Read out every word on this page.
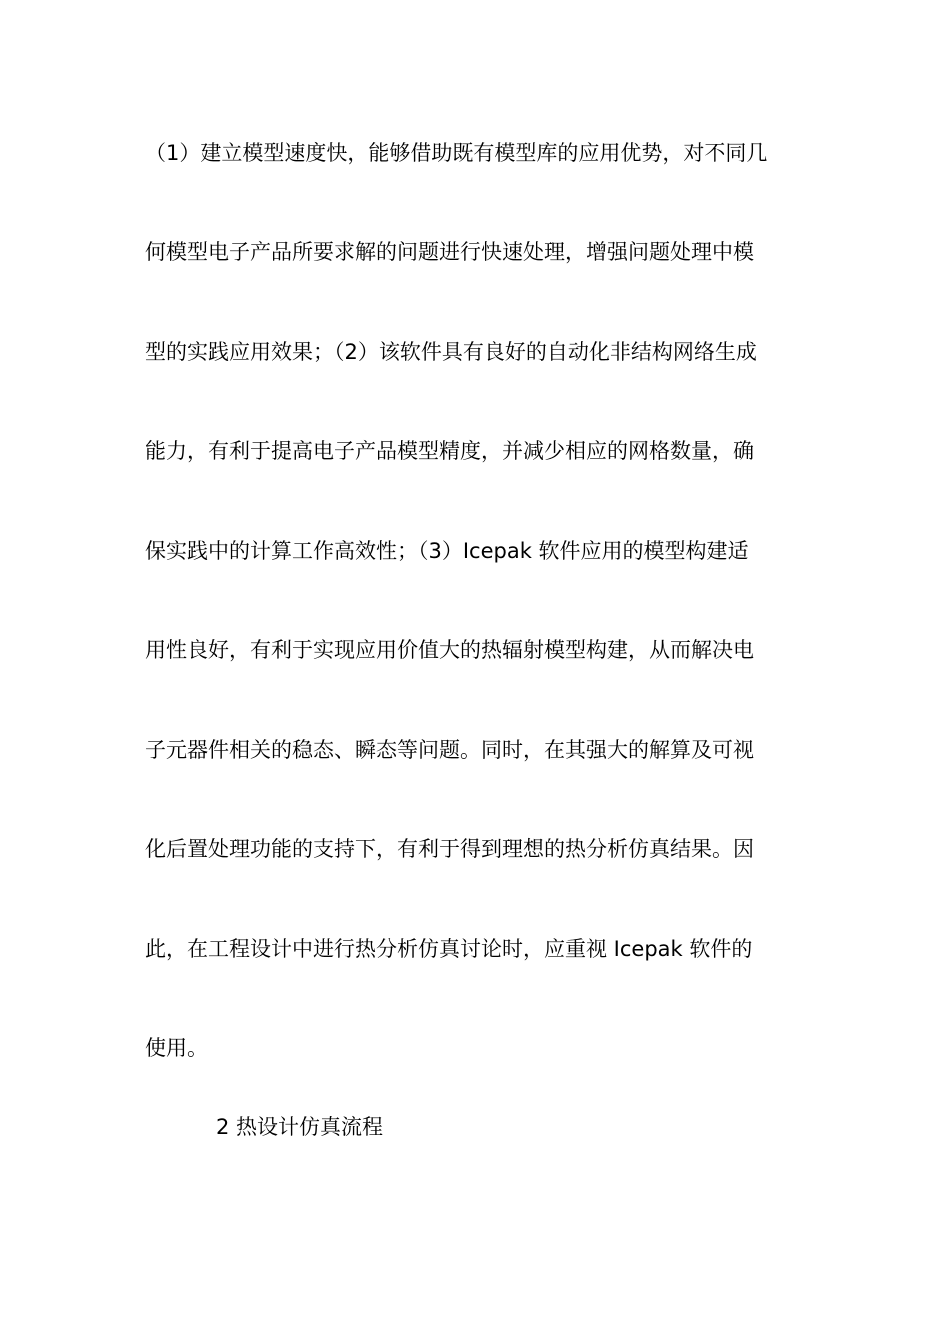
（1）建立模型速度快，能够借助既有模型库的应用优势，对不同几
何模型电子产品所要求解的问题进行快速处理，增强问题处理中模
型的实践应用效果；（2）该软件具有良好的自动化非结构网络生成
能力，有利于提高电子产品模型精度，并减少相应的网格数量，确
保实践中的计算工作高效性；（3）Icepak 软件应用的模型构建适
用性良好，有利于实现应用价值大的热辐射模型构建，从而解决电
子元器件相关的稳态、瞬态等问题。同时，在其强大的解算及可视
化后置处理功能的支持下，有利于得到理想的热分析仿真结果。因
此，在工程设计中进行热分析仿真讨论时，应重视 Icepak 软件的
使用。
2 热设计仿真流程
